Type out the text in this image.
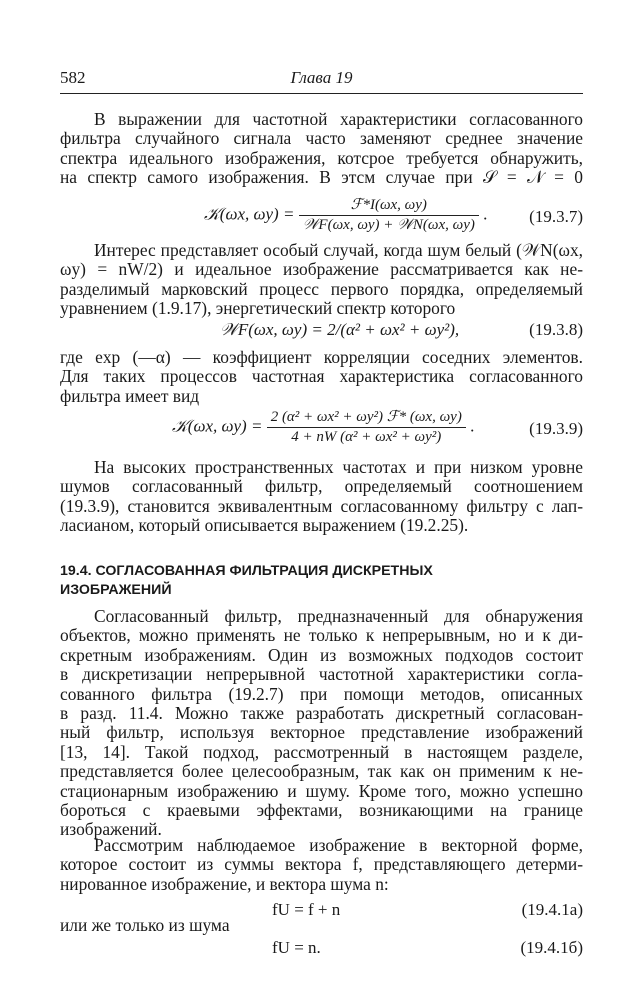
582	Глава 19
В выражении для частотной характеристики согласованного
фильтра случайного сигнала часто заменяют среднее значение
спектра идеального изображения, котсрое требуется обнаружить,
на спектр самого изображения. В этсм случае при 𝒮 = 𝒩 = 0
𝒦(ωx, $\omega y) = \frac{\text{ℱ*I(ωx, ωy)}}{\text{𝒲F(ωx, ωy) + 𝒲N(ωx, ωy)}}$ . (19.3.7)
Интерес представляет особый случай, когда шум белый (𝒲N(ωx,
ωy) = nW/2) и идеальное изображение рассматривается как не-
разделимый марковский процесс первого порядка, определяемый
уравнением (1.9.17), энергетический спектр которого
𝒲F(ωx, ωy) = 2/(α² + ωx² + ωy²),	(19.3.8)
где exp (—α) — коэффициент корреляции соседних элементов.
Для таких процессов частотная характеристика согласованного
фильтра имеет вид
𝒦(ωx, $\omega y) = \frac{\text{2 (α² + ωx² + ωy²) ℱ* (ωx, ωy)}}{\text{4 + nW (α² + ωx² + ωy²)}}$ .	(19.3.9)
На высоких пространственных частотах и при низком уровне
шумов согласованный фильтр, определяемый соотношением
(19.3.9), становится эквивалентным согласованному фильтру с лап-
ласианом, который описывается выражением (19.2.25).
19.4. СОГЛАСОВАННАЯ ФИЛЬТРАЦИЯ ДИСКРЕТНЫХ
ИЗОБРАЖЕНИЙ
Согласованный фильтр, предназначенный для обнаружения
объектов, можно применять не только к непрерывным, но и к ди-
скретным изображениям. Один из возможных подходов состоит
в дискретизации непрерывной частотной характеристики согла-
сованного фильтра (19.2.7) при помощи методов, описанных
в разд. 11.4. Можно также разработать дискретный согласован-
ный фильтр, используя векторное представление изображений
[13, 14]. Такой подход, рассмотренный в настоящем разделе,
представляется более целесообразным, так как он применим к не-
стационарным изображению и шуму. Кроме того, можно успешно
бороться с краевыми эффектами, возникающими на границе
изображений.
Рассмотрим наблюдаемое изображение в векторной форме,
которое состоит из суммы вектора f, представляющего детерми-
нированное изображение, и вектора шума n:
fU = f + n	(19.4.1а)
или же только из шума
fU = n.	(19.4.1б)
